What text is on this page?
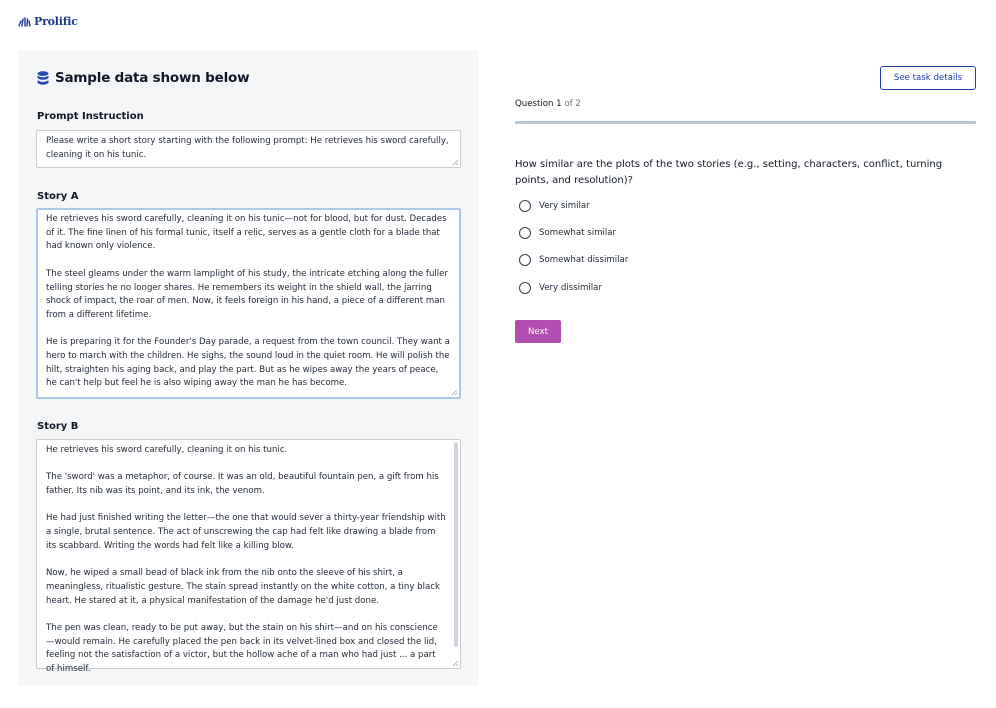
Prolific
Sample data shown below
Prompt Instruction

Please write a short story starting with the following prompt: He retrieves his sword carefully, cleaning it on his tunic.

Story A

He retrieves his sword carefully, cleaning it on his tunic—not for blood, but for dust. Decades of it. The fine linen of his formal tunic, itself a relic, serves as a gentle cloth for a blade that had known only violence.

The steel gleams under the warm lamplight of his study, the intricate etching along the fuller telling stories he no longer shares. He remembers its weight in the shield wall, the jarring shock of impact, the roar of men. Now, it feels foreign in his hand, a piece of a different man from a different lifetime.

He is preparing it for the Founder's Day parade, a request from the town council. They want a hero to march with the children. He sighs, the sound loud in the quiet room. He will polish the hilt, straighten his aging back, and play the part. But as he wipes away the years of peace, he can't help but feel he is also wiping away the man he has become.

Story B

He retrieves his sword carefully, cleaning it on his tunic.

The 'sword' was a metaphor, of course. It was an old, beautiful fountain pen, a gift from his father. Its nib was its point, and its ink, the venom.

He had just finished writing the letter—the one that would sever a thirty-year friendship with a single, brutal sentence. The act of unscrewing the cap had felt like drawing a blade from its scabbard. Writing the words had felt like a killing blow.

Now, he wiped a small bead of black ink from the nib onto the sleeve of his shirt, a meaningless, ritualistic gesture. The stain spread instantly on the white cotton, a tiny black heart. He stared at it, a physical manifestation of the damage he'd just done.

The pen was clean, ready to be put away, but the stain on his shirt—and on his conscience—would remain. He carefully placed the pen back in its velvet-lined box and closed the lid, feeling not the satisfaction of a victor, but the hollow ache of a man who had just ... a part of himself.

See task details
Question 1 of 2
How similar are the plots of the two stories (e.g., setting, characters, conflict, turning points, and resolution)?
Very similar
Somewhat similar
Somewhat dissimilar
Very dissimilar
Next
